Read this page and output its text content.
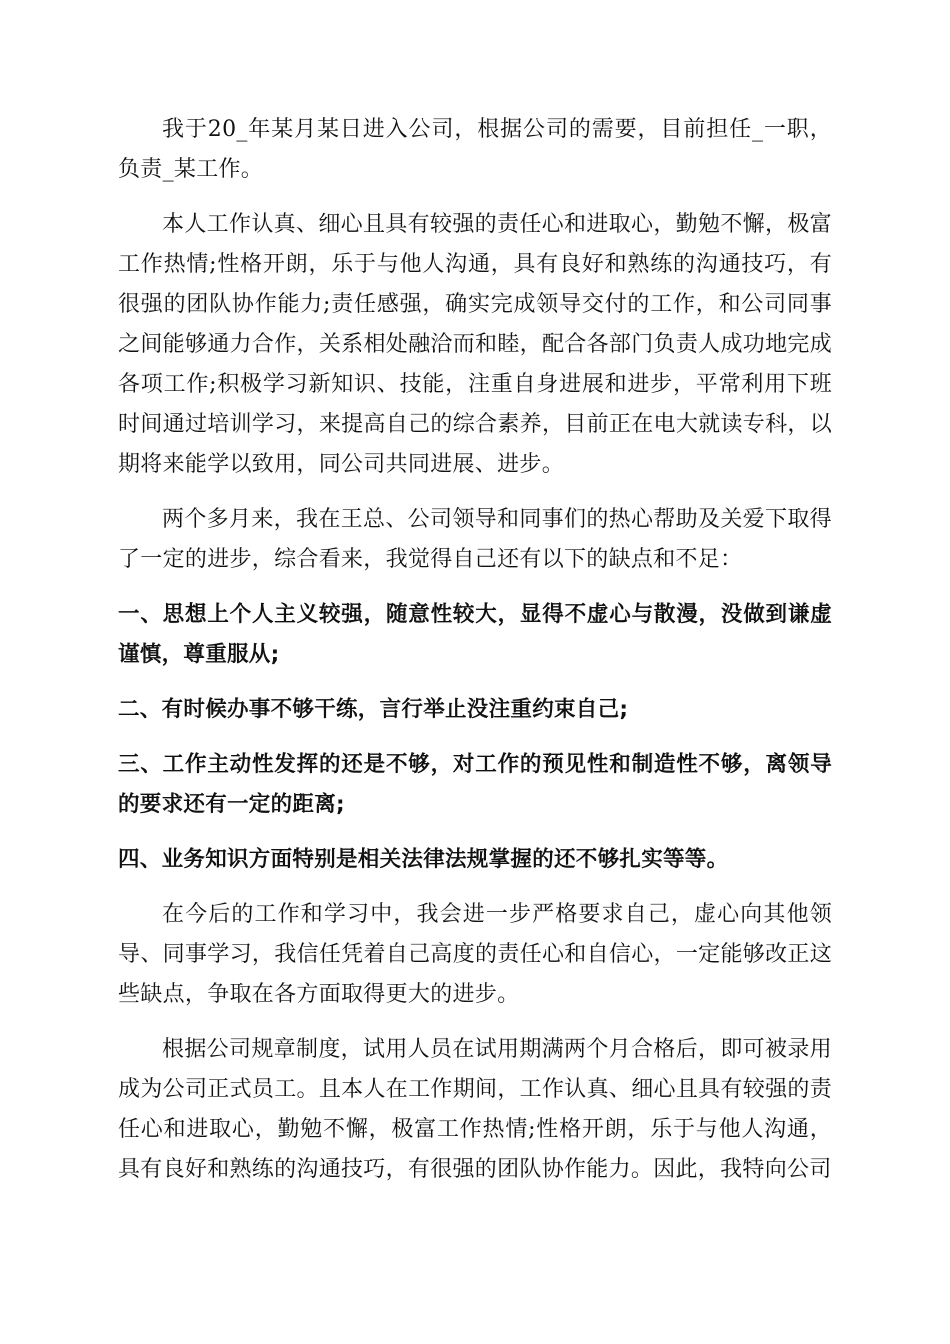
我于20_年某月某日进入公司，根据公司的需要，目前担任_一职，负责_某工作。

本人工作认真、细心且具有较强的责任心和进取心，勤勉不懈，极富工作热情;性格开朗，乐于与他人沟通，具有良好和熟练的沟通技巧，有很强的团队协作能力;责任感强，确实完成领导交付的工作，和公司同事之间能够通力合作，关系相处融洽而和睦，配合各部门负责人成功地完成各项工作;积极学习新知识、技能，注重自身进展和进步，平常利用下班时间通过培训学习，来提高自己的综合素养，目前正在电大就读专科，以期将来能学以致用，同公司共同进展、进步。

两个多月来，我在王总、公司领导和同事们的热心帮助及关爱下取得了一定的进步，综合看来，我觉得自己还有以下的缺点和不足：

一、思想上个人主义较强，随意性较大，显得不虚心与散漫，没做到谦虚谨慎，尊重服从;

二、有时候办事不够干练，言行举止没注重约束自己;

三、工作主动性发挥的还是不够，对工作的预见性和制造性不够，离领导的要求还有一定的距离;

四、业务知识方面特别是相关法律法规掌握的还不够扎实等等。

在今后的工作和学习中，我会进一步严格要求自己，虚心向其他领导、同事学习，我信任凭着自己高度的责任心和自信心，一定能够改正这些缺点，争取在各方面取得更大的进步。

根据公司规章制度，试用人员在试用期满两个月合格后，即可被录用成为公司正式员工。且本人在工作期间，工作认真、细心且具有较强的责任心和进取心，勤勉不懈，极富工作热情;性格开朗，乐于与他人沟通，具有良好和熟练的沟通技巧，有很强的团队协作能力。因此，我特向公司
